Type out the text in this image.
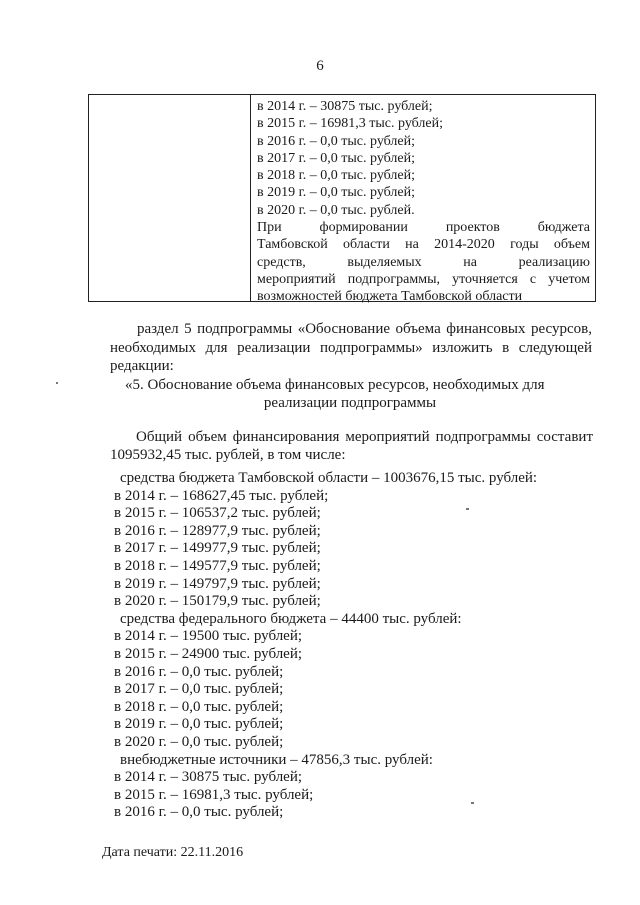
6
в 2014 г. – 30875 тыс. рублей;
в 2015 г. – 16981,3 тыс. рублей;
в 2016 г. – 0,0 тыс. рублей;
в 2017 г. – 0,0 тыс. рублей;
в 2018 г. – 0,0 тыс. рублей;
в 2019 г. – 0,0 тыс. рублей;
в 2020 г. – 0,0 тыс. рублей.
При формировании проектов бюджета
Тамбовской области на 2014-2020 годы объем
средств, выделяемых на реализацию
мероприятий подпрограммы, уточняется с учетом
возможностей бюджета Тамбовской области
раздел 5 подпрограммы «Обоснование объема финансовых ресурсов,
необходимых для реализации подпрограммы» изложить в следующей
редакции:
«5. Обоснование объема финансовых ресурсов, необходимых для
реализации подпрограммы
Общий объем финансирования мероприятий подпрограммы составит
1095932,45 тыс. рублей, в том числе:
средства бюджета Тамбовской области – 1003676,15 тыс. рублей:
в 2014 г. – 168627,45 тыс. рублей;
в 2015 г. – 106537,2 тыс. рублей;
в 2016 г. – 128977,9 тыс. рублей;
в 2017 г. – 149977,9 тыс. рублей;
в 2018 г. – 149577,9 тыс. рублей;
в 2019 г. – 149797,9 тыс. рублей;
в 2020 г. – 150179,9 тыс. рублей;
средства федерального бюджета – 44400 тыс. рублей:
в 2014 г. – 19500 тыс. рублей;
в 2015 г. – 24900 тыс. рублей;
в 2016 г. – 0,0 тыс. рублей;
в 2017 г. – 0,0 тыс. рублей;
в 2018 г. – 0,0 тыс. рублей;
в 2019 г. – 0,0 тыс. рублей;
в 2020 г. – 0,0 тыс. рублей;
внебюджетные источники – 47856,3 тыс. рублей:
в 2014 г. – 30875 тыс. рублей;
в 2015 г. – 16981,3 тыс. рублей;
в 2016 г. – 0,0 тыс. рублей;
Дата печати: 22.11.2016
